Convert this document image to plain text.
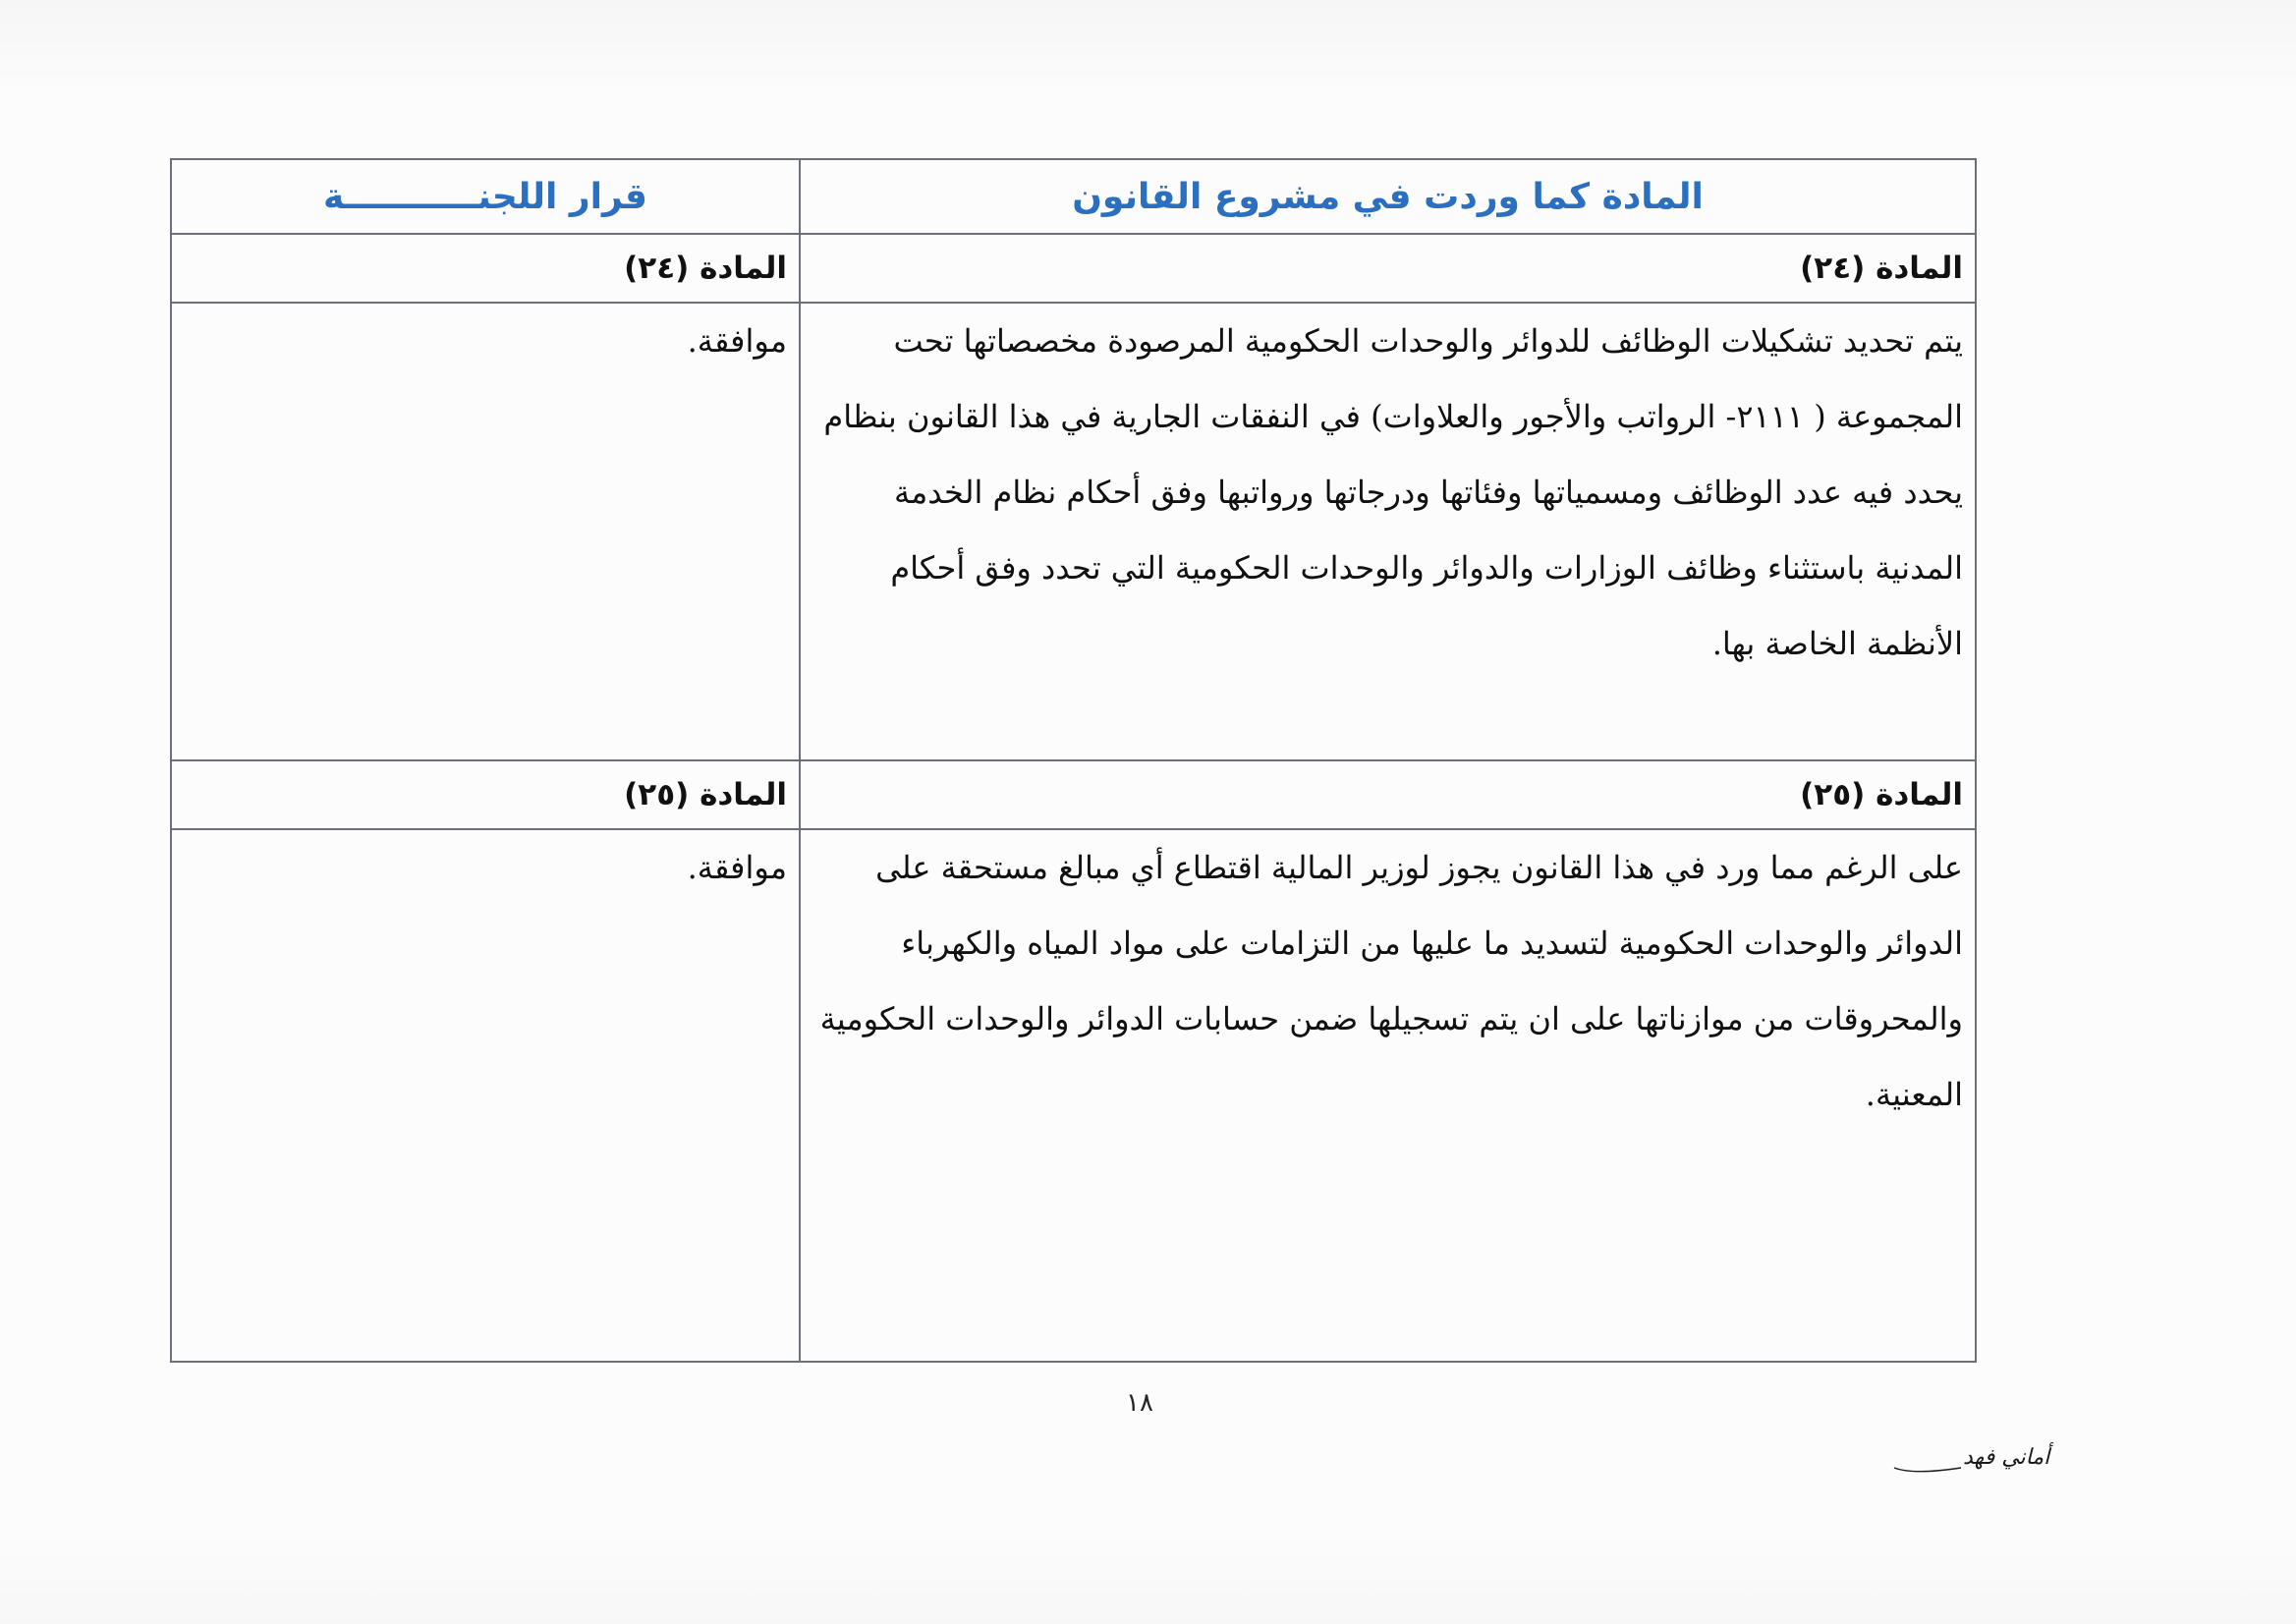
المادة كما وردت في مشروع القانون	قرار اللجنـــــــــــة
المادة (٢٤)	المادة (٢٤)
يتم تحديد تشكيلات الوظائف للدوائر والوحدات الحكومية المرصودة مخصصاتها تحت المجموعة ( ٢١١١- الرواتب والأجور والعلاوات) في النفقات الجارية في هذا القانون بنظام يحدد فيه عدد الوظائف ومسمياتها وفئاتها ودرجاتها ورواتبها وفق أحكام نظام الخدمة المدنية باستثناء وظائف الوزارات والدوائر والوحدات الحكومية التي تحدد وفق أحكام الأنظمة الخاصة بها.	موافقة.
المادة (٢٥)	المادة (٢٥)
على الرغم مما ورد في هذا القانون يجوز لوزير المالية اقتطاع أي مبالغ مستحقة على الدوائر والوحدات الحكومية لتسديد ما عليها من التزامات على مواد المياه والكهرباء والمحروقات من موازناتها على ان يتم تسجيلها ضمن حسابات الدوائر والوحدات الحكومية المعنية.	موافقة.
١٨
أماني فهد
